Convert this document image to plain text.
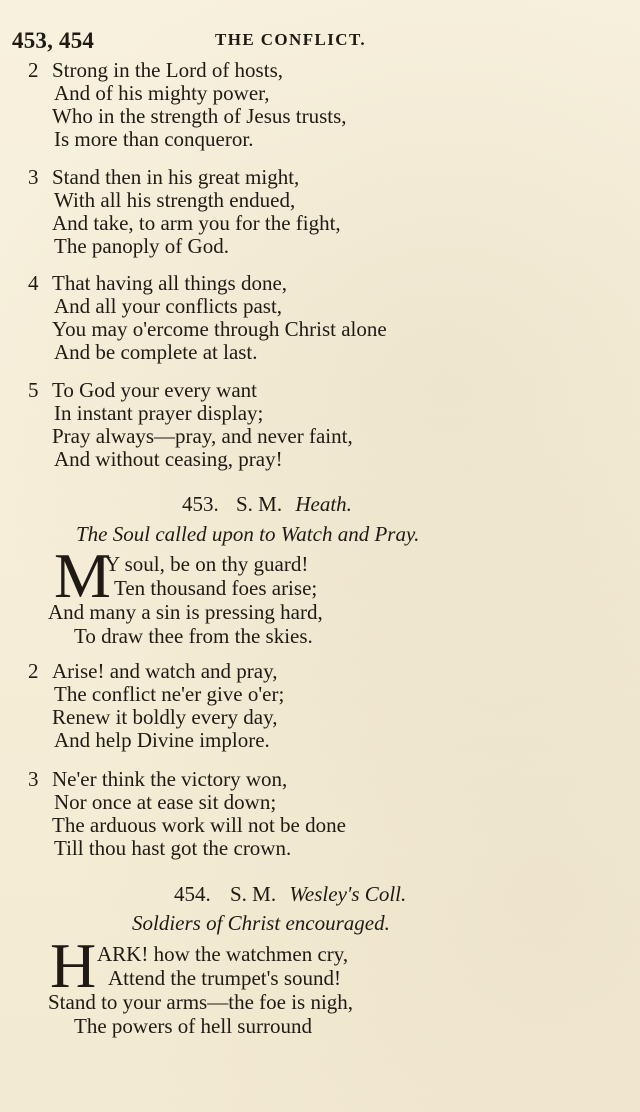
453, 454	THE CONFLICT.
2 Strong in the Lord of hosts,
And of his mighty power,
Who in the strength of Jesus trusts,
Is more than conqueror.
3 Stand then in his great might,
With all his strength endued,
And take, to arm you for the fight,
The panoply of God.
4 That having all things done,
And all your conflicts past,
You may o'ercome through Christ alone
And be complete at last.
5 To God your every want
In instant prayer display;
Pray always—pray, and never faint,
And without ceasing, pray!
453. S. M. Heath.
The Soul called upon to Watch and Pray.
M
Y soul, be on thy guard!
Ten thousand foes arise;
And many a sin is pressing hard,
To draw thee from the skies.
2 Arise! and watch and pray,
The conflict ne'er give o'er;
Renew it boldly every day,
And help Divine implore.
3 Ne'er think the victory won,
Nor once at ease sit down;
The arduous work will not be done
Till thou hast got the crown.
454. S. M. Wesley's Coll.
Soldiers of Christ encouraged.
H ARK! how the watchmen cry,
Attend the trumpet's sound!
Stand to your arms—the foe is nigh,
The powers of hell surround
